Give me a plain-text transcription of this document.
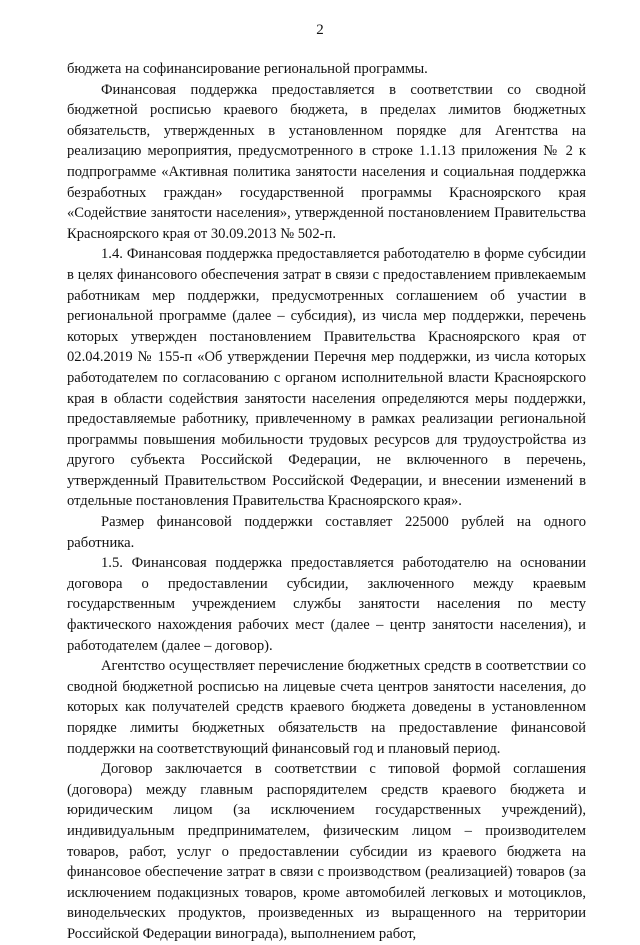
2

бюджета на софинансирование региональной программы.

Финансовая поддержка предоставляется в соответствии со сводной бюджетной росписью краевого бюджета, в пределах лимитов бюджетных обязательств, утвержденных в установленном порядке для Агентства на реализацию мероприятия, предусмотренного в строке 1.1.13 приложения № 2 к подпрограмме «Активная политика занятости населения и социальная поддержка безработных граждан» государственной программы Красноярского края «Содействие занятости населения», утвержденной постановлением Правительства Красноярского края от 30.09.2013 № 502-п.

1.4. Финансовая поддержка предоставляется работодателю в форме субсидии в целях финансового обеспечения затрат в связи с предоставлением привлекаемым работникам мер поддержки, предусмотренных соглашением об участии в региональной программе (далее – субсидия), из числа мер поддержки, перечень которых утвержден постановлением Правительства Красноярского края от 02.04.2019 № 155-п «Об утверждении Перечня мер поддержки, из числа которых работодателем по согласованию с органом исполнительной власти Красноярского края в области содействия занятости населения определяются меры поддержки, предоставляемые работнику, привлеченному в рамках реализации региональной программы повышения мобильности трудовых ресурсов для трудоустройства из другого субъекта Российской Федерации, не включенного в перечень, утвержденный Правительством Российской Федерации, и внесении изменений в отдельные постановления Правительства Красноярского края».

Размер финансовой поддержки составляет 225000 рублей на одного работника.

1.5. Финансовая поддержка предоставляется работодателю на основании договора о предоставлении субсидии, заключенного между краевым государственным учреждением службы занятости населения по месту фактического нахождения рабочих мест (далее – центр занятости населения), и работодателем (далее – договор).

Агентство осуществляет перечисление бюджетных средств в соответствии со сводной бюджетной росписью на лицевые счета центров занятости населения, до которых как получателей средств краевого бюджета доведены в установленном порядке лимиты бюджетных обязательств на предоставление финансовой поддержки на соответствующий финансовый год и плановый период.

Договор заключается в соответствии с типовой формой соглашения (договора) между главным распорядителем средств краевого бюджета и юридическим лицом (за исключением государственных учреждений), индивидуальным предпринимателем, физическим лицом – производителем товаров, работ, услуг о предоставлении субсидии из краевого бюджета на финансовое обеспечение затрат в связи с производством (реализацией) товаров (за исключением подакцизных товаров, кроме автомобилей легковых и мотоциклов, винодельческих продуктов, произведенных из выращенного на территории Российской Федерации винограда), выполнением работ,
